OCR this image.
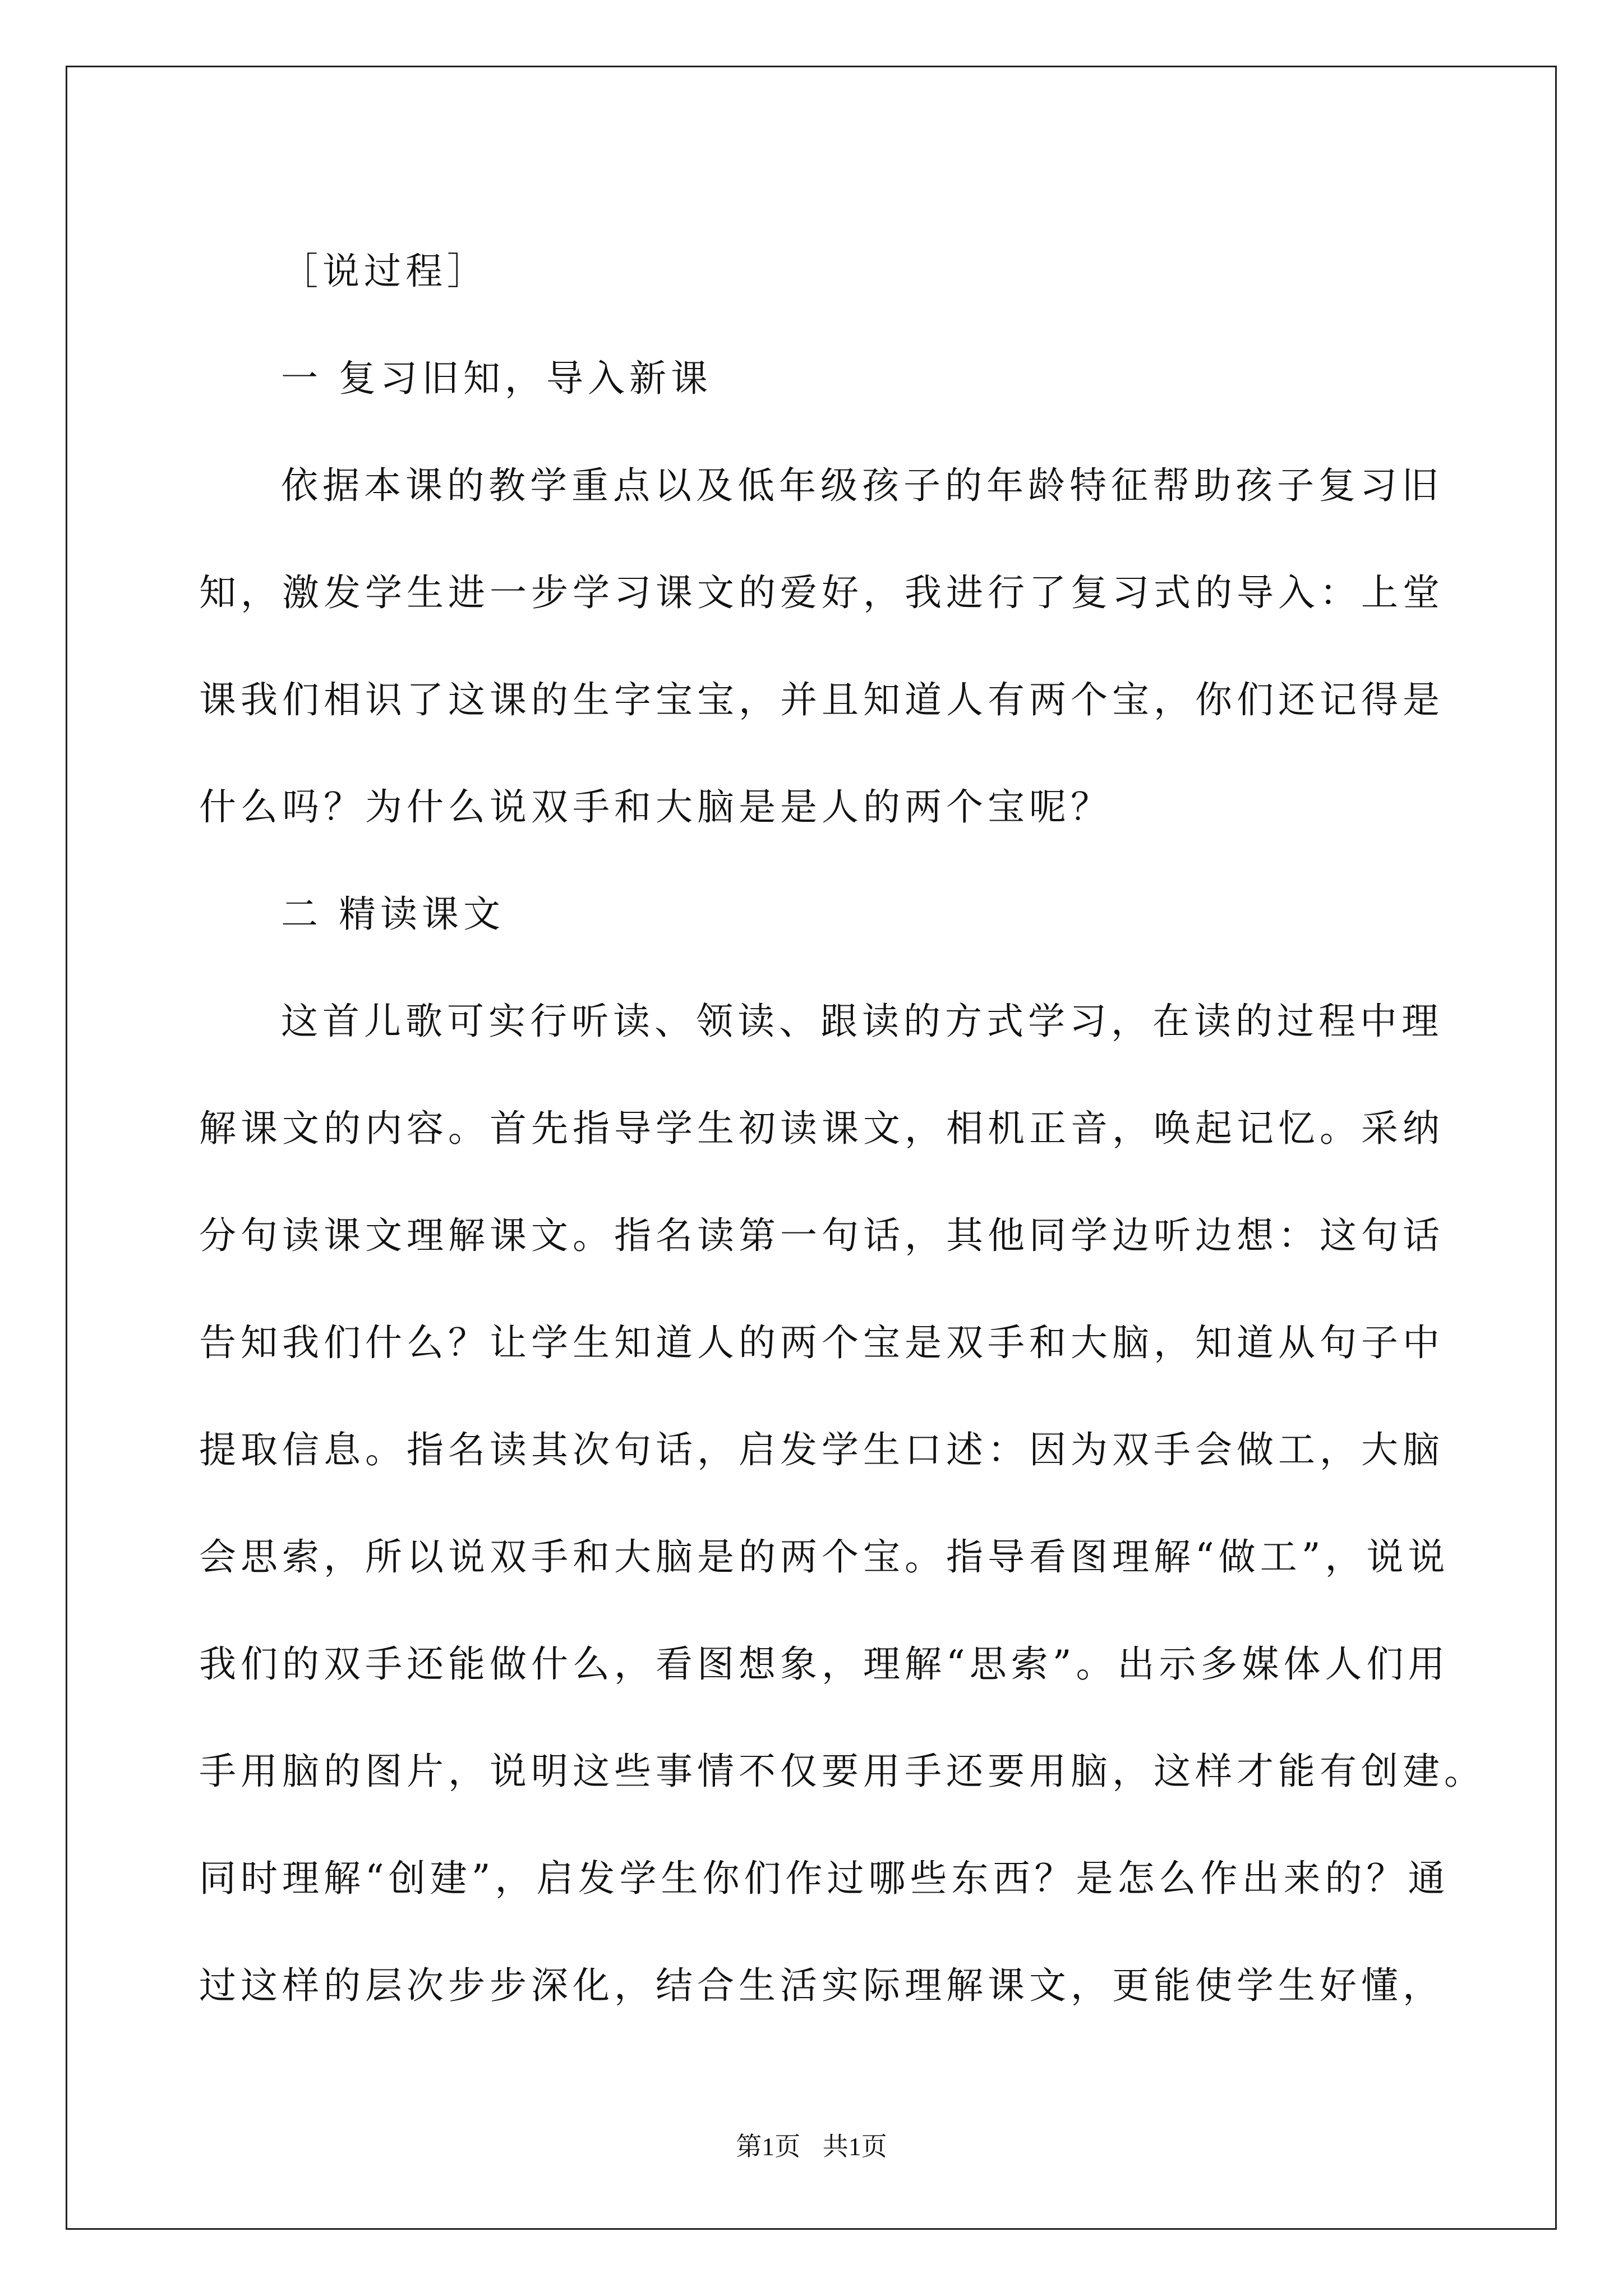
［说过程］
一 复习旧知，导入新课
依据本课的教学重点以及低年级孩子的年龄特征帮助孩子复习旧
知，激发学生进一步学习课文的爱好，我进行了复习式的导入：上堂
课我们相识了这课的生字宝宝，并且知道人有两个宝，你们还记得是
什么吗？为什么说双手和大脑是是人的两个宝呢？
二 精读课文
这首儿歌可实行听读、领读、跟读的方式学习，在读的过程中理
解课文的内容。首先指导学生初读课文，相机正音，唤起记忆。采纳
分句读课文理解课文。指名读第一句话，其他同学边听边想：这句话
告知我们什么？让学生知道人的两个宝是双手和大脑，知道从句子中
提取信息。指名读其次句话，启发学生口述：因为双手会做工，大脑
会思索，所以说双手和大脑是的两个宝。指导看图理解“做工”，说说
我们的双手还能做什么，看图想象，理解“思索”。出示多媒体人们用
手用脑的图片，说明这些事情不仅要用手还要用脑，这样才能有创建。
同时理解“创建”，启发学生你们作过哪些东西？是怎么作出来的？通
过这样的层次步步深化，结合生活实际理解课文，更能使学生好懂，
第1页 共1页
